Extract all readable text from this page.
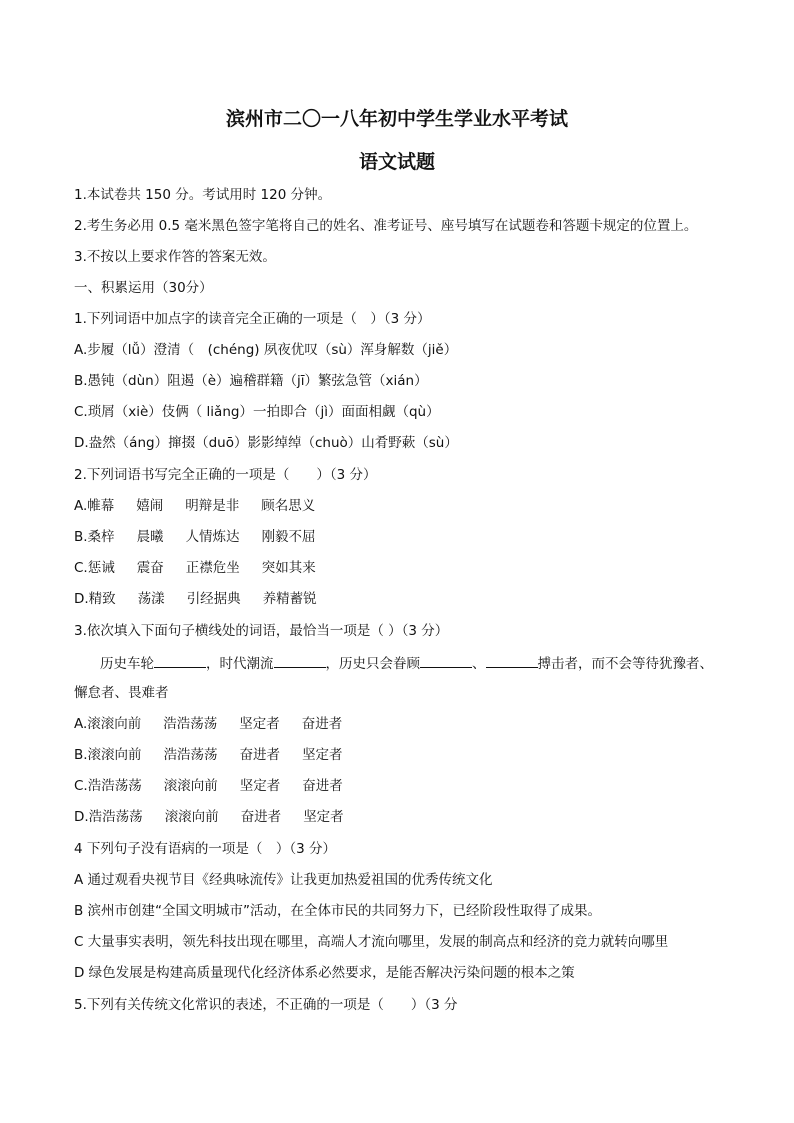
滨州市二〇一八年初中学生学业水平考试
语文试题
1.本试卷共 150 分。考试用时 120 分钟。
2.考生务必用 0.5 毫米黑色签字笔将自己的姓名、准考证号、座号填写在试题卷和答题卡规定的位置上。
3.不按以上要求作答的答案无效。
一、积累运用（30分）
1.下列词语中加点字的读音完全正确的一项是（　）（3 分）
A.步履（lǚ）澄清（　(chéng) 夙夜优叹（sù）浑身解数（jiě）
B.愚钝（dùn）阻遏（è）遍稽群籍（jī）繁弦急管（xián）
C.琐屑（xiè）伎俩（ liǎng）一拍即合（jì）面面相觑（qù）
D.盎然（áng）撺掇（duō）影影绰绰（chuò）山肴野蔌（sù）
2.下列词语书写完全正确的一项是（　　）（3 分）
A.帷幕 嬉闹 明辩是非 顾名思义
B.桑梓 晨曦 人情炼达 刚毅不屈
C.惩诫 震奋 正襟危坐 突如其来
D.精致 荡漾 引经据典 养精蓄锐
3.依次填入下面句子横线处的词语，最恰当一项是（ ）（3 分）
历史车轮	，时代潮流	，历史只会眷顾	、	搏击者，而不会等待犹豫者、
懈怠者、畏难者
A.滚滚向前 浩浩荡荡 坚定者 奋进者
B.滚滚向前 浩浩荡荡 奋进者 坚定者
C.浩浩荡荡 滚滚向前 坚定者 奋进者
D.浩浩荡荡 滚滚向前 奋进者 坚定者
4 下列句子没有语病的一项是（　）（3 分）
A 通过观看央视节目《经典咏流传》让我更加热爱祖国的优秀传统文化
B 滨州市创建“全国文明城市”活动，在全体市民的共同努力下，已经阶段性取得了成果。
C 大量事实表明，领先科技出现在哪里，高端人才流向哪里，发展的制高点和经济的竞力就转向哪里
D 绿色发展是构建高质量现代化经济体系必然要求，是能否解决污染问题的根本之策
5.下列有关传统文化常识的表述，不正确的一项是（　　）（3 分
